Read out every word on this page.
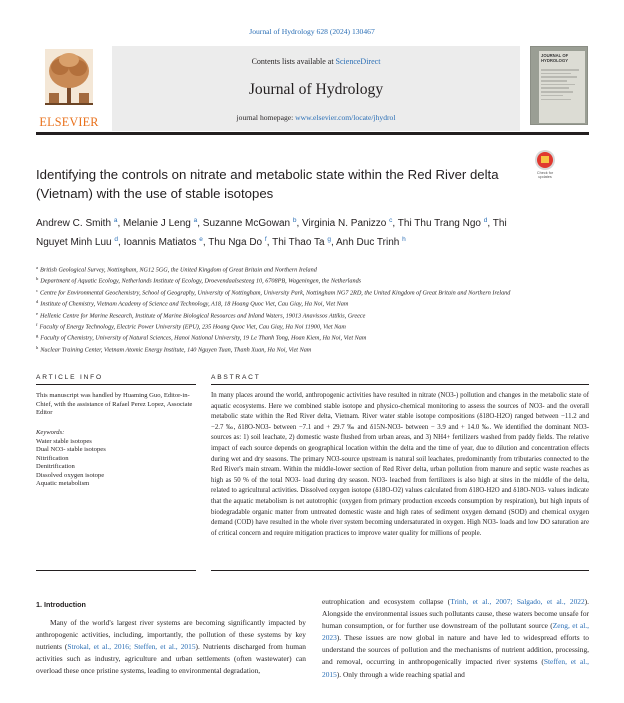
Journal of Hydrology 628 (2024) 130467
ELSEVIER
Contents lists available at ScienceDirect
Journal of Hydrology
journal homepage: www.elsevier.com/locate/jhydrol
JOURNAL OF HYDROLOGY
Identifying the controls on nitrate and metabolic state within the Red River delta (Vietnam) with the use of stable isotopes
Check for updates
Andrew C. Smith $^a$, Melanie J Leng $^a$, Suzanne McGowan $^b$, Virginia N. Panizzo $^c$, Thi Thu Trang Ngo $^d$, Thi Nguyet Minh Luu $^d$, Ioannis Matiatos $^e$, Thu Nga Do $^f$, Thi Thao Ta $^g$, Anh Duc Trinh $^h$
$^a$ British Geological Survey, Nottingham, NG12 5GG, the United Kingdom of Great Britain and Northern Ireland
$^b$ Department of Aquatic Ecology, Netherlands Institute of Ecology, Droevendaalsesteeg 10, 6708PB, Wageningen, the Netherlands
$^c$ Centre for Environmental Geochemistry, School of Geography, University of Nottingham, University Park, Nottingham NG7 2RD, the United Kingdom of Great Britain and Northern Ireland
$^d$ Institute of Chemistry, Vietnam Academy of Science and Technology, A18, 18 Hoang Quoc Viet, Cau Giay, Ha Noi, Viet Nam
$^e$ Hellenic Centre for Marine Research, Institute of Marine Biological Resources and Inland Waters, 19013 Anavissos Attikis, Greece
$^f$ Faculty of Energy Technology, Electric Power University (EPU), 235 Hoang Quoc Viet, Cau Giay, Ha Noi 11900, Viet Nam
$^g$ Faculty of Chemistry, University of Natural Sciences, Hanoi National University, 19 Le Thanh Tong, Hoan Kiem, Ha Noi, Viet Nam
$^h$ Nuclear Training Center, Vietnam Atomic Energy Institute, 140 Nguyen Tuan, Thanh Xuan, Ha Noi, Viet Nam
ARTICLE INFO	ABSTRACT
This manuscript was handled by Huaming Guo, Editor-in-Chief, with the assistance of Rafael Perez Lopez, Associate Editor
Keywords:
Water stable isotopes
Dual NO3- stable isotopes
Nitrification
Denitrification
Dissolved oxygen isotope
Aquatic metabolism
In many places around the world, anthropogenic activities have resulted in nitrate (NO3-) pollution and changes in the metabolic state of aquatic ecosystems. Here we combined stable isotope and physico-chemical monitoring to assess the sources of NO3- and the overall metabolic state within the Red River delta, Vietnam. River water stable isotope compositions (δ18O-H2O) ranged between −11.2 and −2.7 ‰, δ18O-NO3- between −7.1 and + 29.7 ‰ and δ15N-NO3- between − 3.9 and + 14.0 ‰. We identified the dominant NO3- sources as: 1) soil leachate, 2) domestic waste flushed from urban areas, and 3) NH4+ fertilizers washed from paddy fields. The relative impact of each source depends on geographical location within the delta and the time of year, due to dilution and concentration effects during wet and dry seasons. The primary NO3-source upstream is natural soil leachates, predominantly from tributaries connected to the Red River's main stream. Within the middle-lower section of Red River delta, urban pollution from manure and septic waste reaches as high as 50 % of the total NO3- load during dry season. NO3- leached from fertilizers is also high at sites in the middle of the delta, related to agricultural activities. Dissolved oxygen isotope (δ18O-O2) values calculated from δ18O-H2O and δ18O-NO3- values indicate that the aquatic metabolism is net autotrophic (oxygen from primary production exceeds consumption by respiration), but high inputs of biodegradable organic matter from untreated domestic waste and high rates of sediment oxygen demand (SOD) and chemical oxygen demand (COD) have resulted in the whole river system becoming undersaturated in oxygen. High NO3- loads and low DO saturation are of critical concern and require mitigation practices to improve water quality for millions of people.
1. Introduction
Many of the world's largest river systems are becoming significantly impacted by anthropogenic activities, including, importantly, the pollution of these systems by key nutrients (Strokal, et al., 2016; Steffen, et al., 2015). Nutrients discharged from human activities such as industry, agriculture and urban settlements (often wastewater) can overload these once pristine systems, leading to environmental degradation,
eutrophication and ecosystem collapse (Trinh, et al., 2007; Salgado, et al., 2022). Alongside the environmental issues such pollutants cause, these waters become unsafe for human consumption, or for further use downstream of the pollutant source (Zeng, et al., 2023). These issues are now global in nature and have led to widespread efforts to understand the sources of pollution and the mechanisms of nutrient addition, processing, and removal, occurring in anthropogenically impacted river systems (Steffen, et al., 2015). Only through a wide reaching spatial and
